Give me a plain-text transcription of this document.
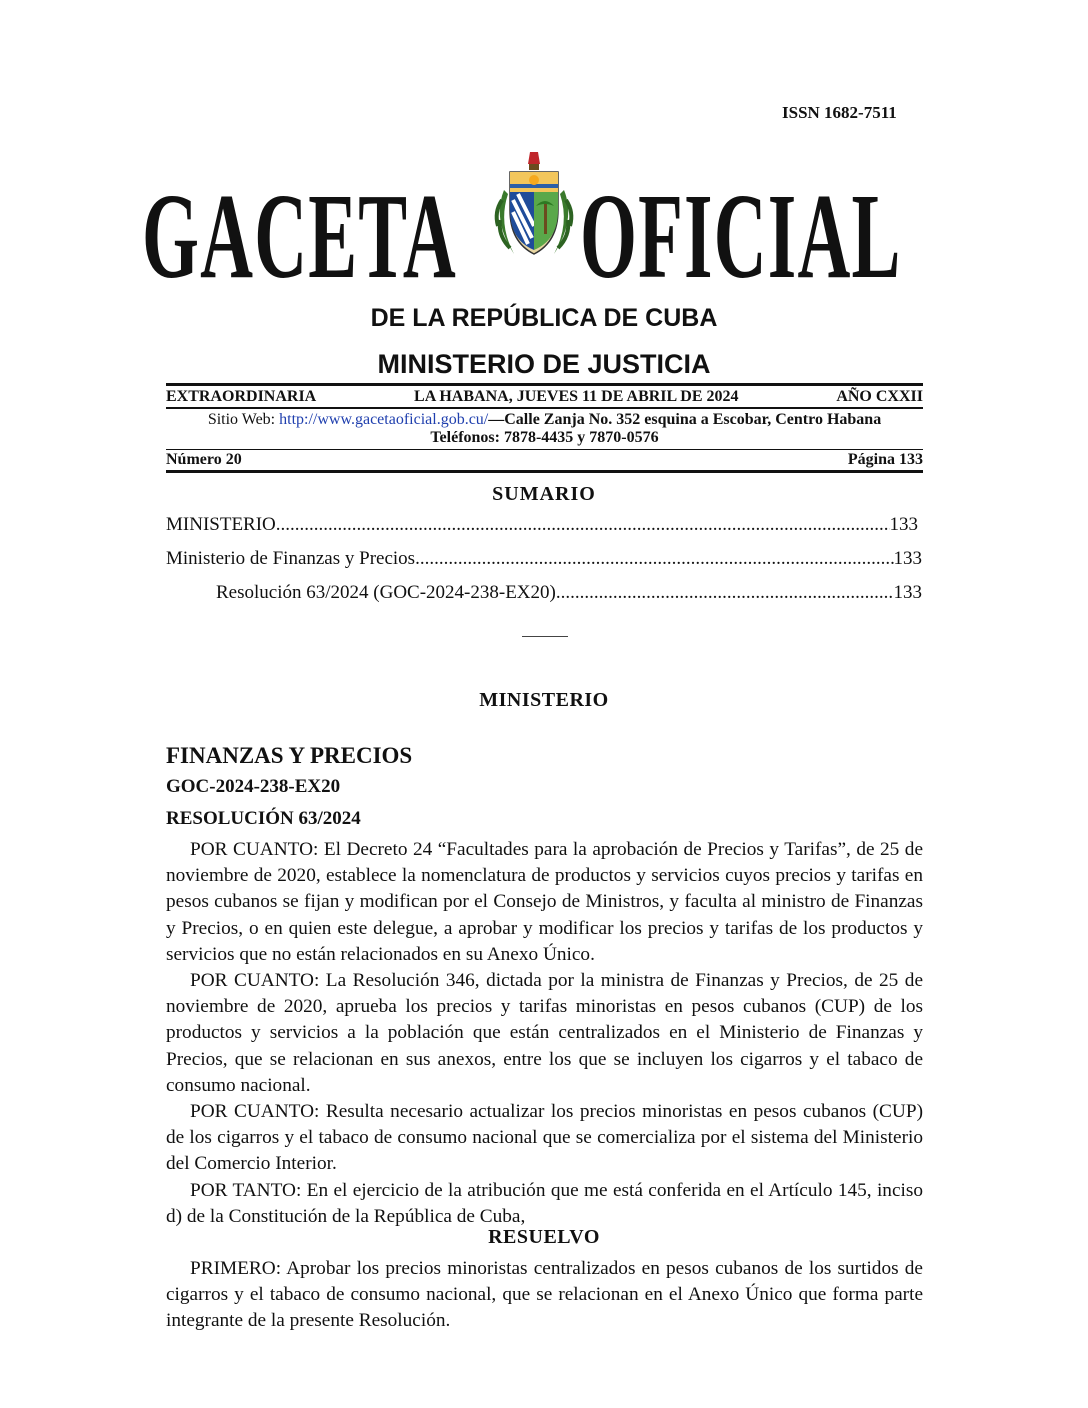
ISSN 1682-7511
GACETA OFICIAL
DE LA REPÚBLICA DE CUBA
MINISTERIO DE JUSTICIA
EXTRAORDINARIA	LA HABANA, JUEVES 11 DE ABRIL DE 2024	AÑO CXXII
Sitio Web: http://www.gacetaoficial.gob.cu/—Calle Zanja No. 352 esquina a Escobar, Centro Habana
Teléfonos: 7878-4435 y 7870-0576
Número 20	Página 133
SUMARIO
MINISTERIO .....	133
Ministerio de Finanzas y Precios .....	133
Resolución 63/2024 (GOC-2024-238-EX20) .....	133
MINISTERIO
FINANZAS Y PRECIOS
GOC-2024-238-EX20
RESOLUCIÓN 63/2024

POR CUANTO: El Decreto 24 “Facultades para la aprobación de Precios y Tarifas”, de 25 de noviembre de 2020, establece la nomenclatura de productos y servicios cuyos precios y tarifas en pesos cubanos se fijan y modifican por el Consejo de Ministros, y faculta al ministro de Finanzas y Precios, o en quien este delegue, a aprobar y modificar los precios y tarifas de los productos y servicios que no están relacionados en su Anexo Único.

POR CUANTO: La Resolución 346, dictada por la ministra de Finanzas y Precios, de 25 de noviembre de 2020, aprueba los precios y tarifas minoristas en pesos cubanos (CUP) de los productos y servicios a la población que están centralizados en el Ministerio de Finanzas y Precios, que se relacionan en sus anexos, entre los que se incluyen los cigarros y el tabaco de consumo nacional.

POR CUANTO: Resulta necesario actualizar los precios minoristas en pesos cubanos (CUP) de los cigarros y el tabaco de consumo nacional que se comercializa por el sistema del Ministerio del Comercio Interior.

POR TANTO: En el ejercicio de la atribución que me está conferida en el Artículo 145, inciso d) de la Constitución de la República de Cuba,

RESUELVO

PRIMERO: Aprobar los precios minoristas centralizados en pesos cubanos de los surtidos de cigarros y el tabaco de consumo nacional, que se relacionan en el Anexo Único que forma parte integrante de la presente Resolución.
